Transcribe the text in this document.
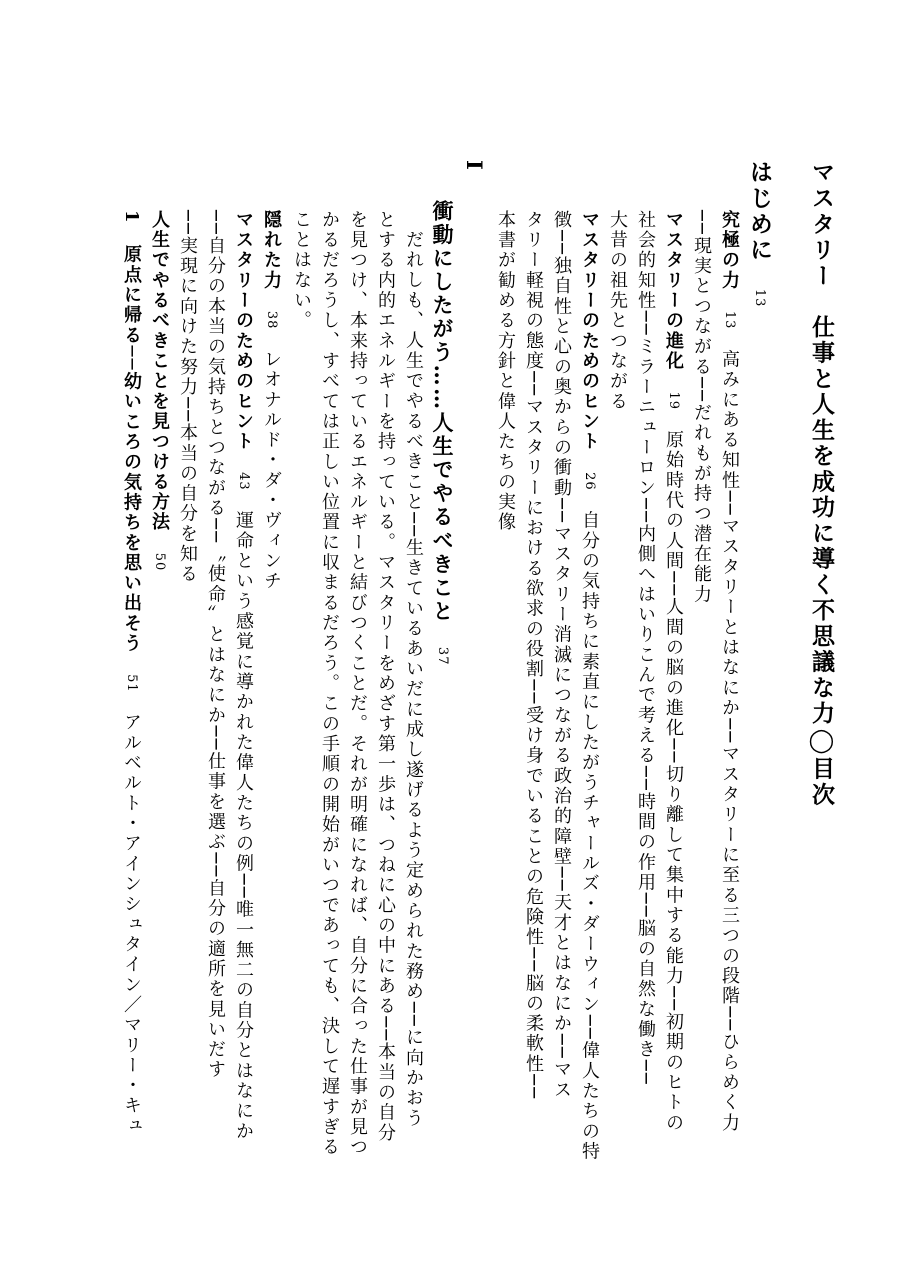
マスタリー　仕事と人生を成功に導く不思議な力◯目次
はじめに　13
究極の力　13　高みにある知性──マスタリーとはなにか──マスタリーに至る三つの段階──ひらめく力
──現実とつながる──だれもが持つ潜在能力
マスタリーの進化　19　原始時代の人間──人間の脳の進化──切り離して集中する能力──初期のヒトの
社会的知性──ミラーニューロン──内側へはいりこんで考える──時間の作用──脳の自然な働き──
大昔の祖先とつながる
マスタリーのためのヒント　26　自分の気持ちに素直にしたがうチャールズ・ダーウィン──偉人たちの特
徴──独自性と心の奥からの衝動──マスタリー消滅につながる政治的障壁──天才とはなにか──マス
タリー軽視の態度──マスタリーにおける欲求の役割──受け身でいることの危険性──脳の柔軟性──
本書が勧める方針と偉人たちの実像
I
衝動にしたがう……人生でやるべきこと　37
だれしも、人生でやるべきこと──生きているあいだに成し遂げるよう定められた務め──に向かおう
とする内的エネルギーを持っている。マスタリーをめざす第一歩は、つねに心の中にある──本当の自分
を見つけ、本来持っているエネルギーと結びつくことだ。それが明確になれば、自分に合った仕事が見つ
かるだろうし、すべては正しい位置に収まるだろう。この手順の開始がいつであっても、決して遅すぎる
ことはない。
隠れた力　38　レオナルド・ダ・ヴィンチ
マスタリーのためのヒント　43　運命という感覚に導かれた偉人たちの例──唯一無二の自分とはなにか
──自分の本当の気持ちとつながる──〝使命〟とはなにか──仕事を選ぶ──自分の適所を見いだす
──実現に向けた努力──本当の自分を知る
人生でやるべきことを見つける方法　50
1　原点に帰る──幼いころの気持ちを思い出そう　51　アルベルト・アインシュタイン／マリー・キュ
